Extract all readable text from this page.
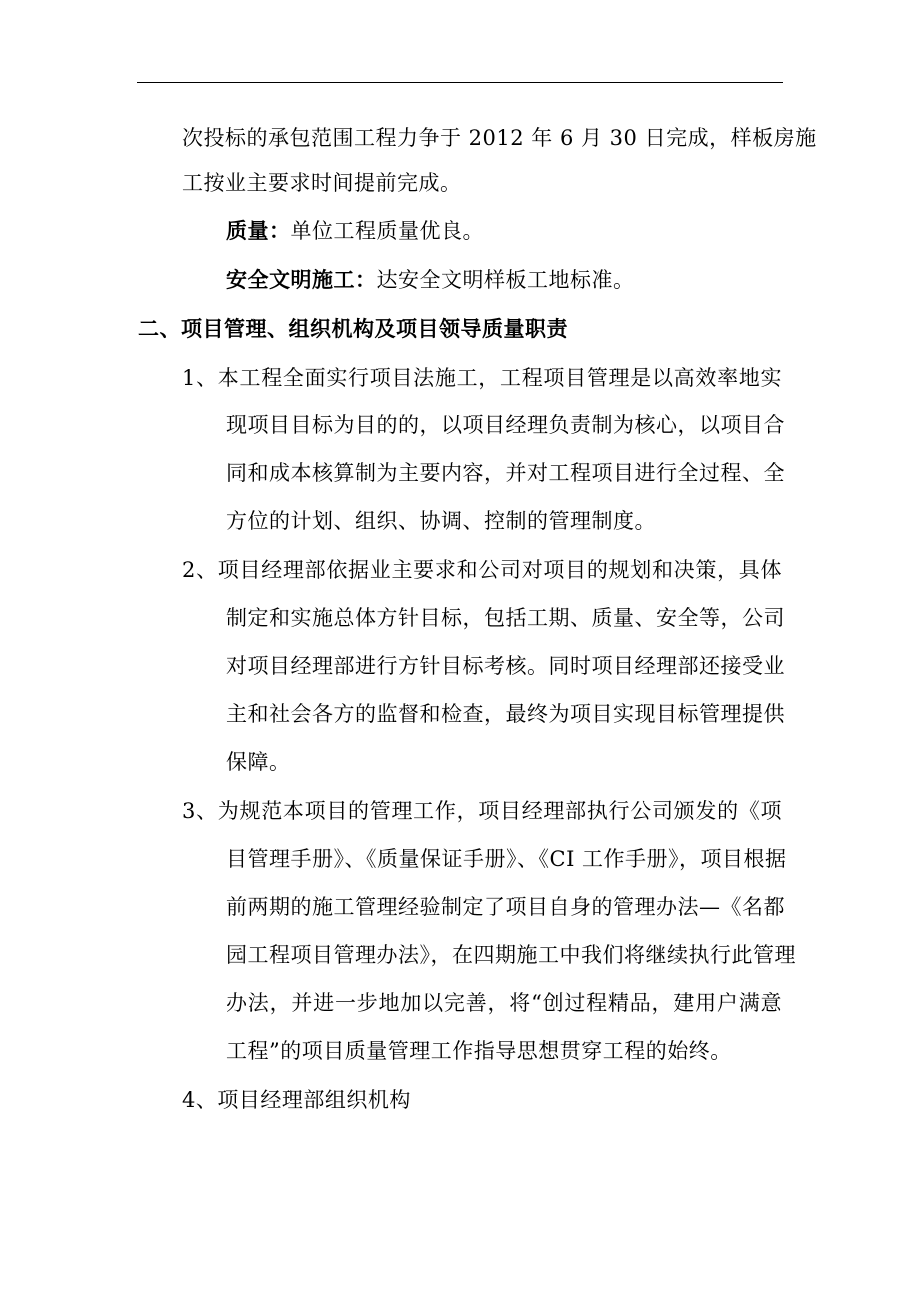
次投标的承包范围工程力争于 2012 年 6 月 30 日完成，样板房施
工按业主要求时间提前完成。
质量：单位工程质量优良。
安全文明施工：达安全文明样板工地标准。
二、项目管理、组织机构及项目领导质量职责
1、本工程全面实行项目法施工，工程项目管理是以高效率地实
现项目目标为目的的，以项目经理负责制为核心，以项目合
同和成本核算制为主要内容，并对工程项目进行全过程、全
方位的计划、组织、协调、控制的管理制度。
2、项目经理部依据业主要求和公司对项目的规划和决策，具体
制定和实施总体方针目标，包括工期、质量、安全等，公司
对项目经理部进行方针目标考核。同时项目经理部还接受业
主和社会各方的监督和检查，最终为项目实现目标管理提供
保障。
3、为规范本项目的管理工作，项目经理部执行公司颁发的《项
目管理手册》、《质量保证手册》、《CI 工作手册》，项目根据
前两期的施工管理经验制定了项目自身的管理办法—《名都
园工程项目管理办法》，在四期施工中我们将继续执行此管理
办法，并进一步地加以完善，将“创过程精品，建用户满意
工程”的项目质量管理工作指导思想贯穿工程的始终。
4、项目经理部组织机构
